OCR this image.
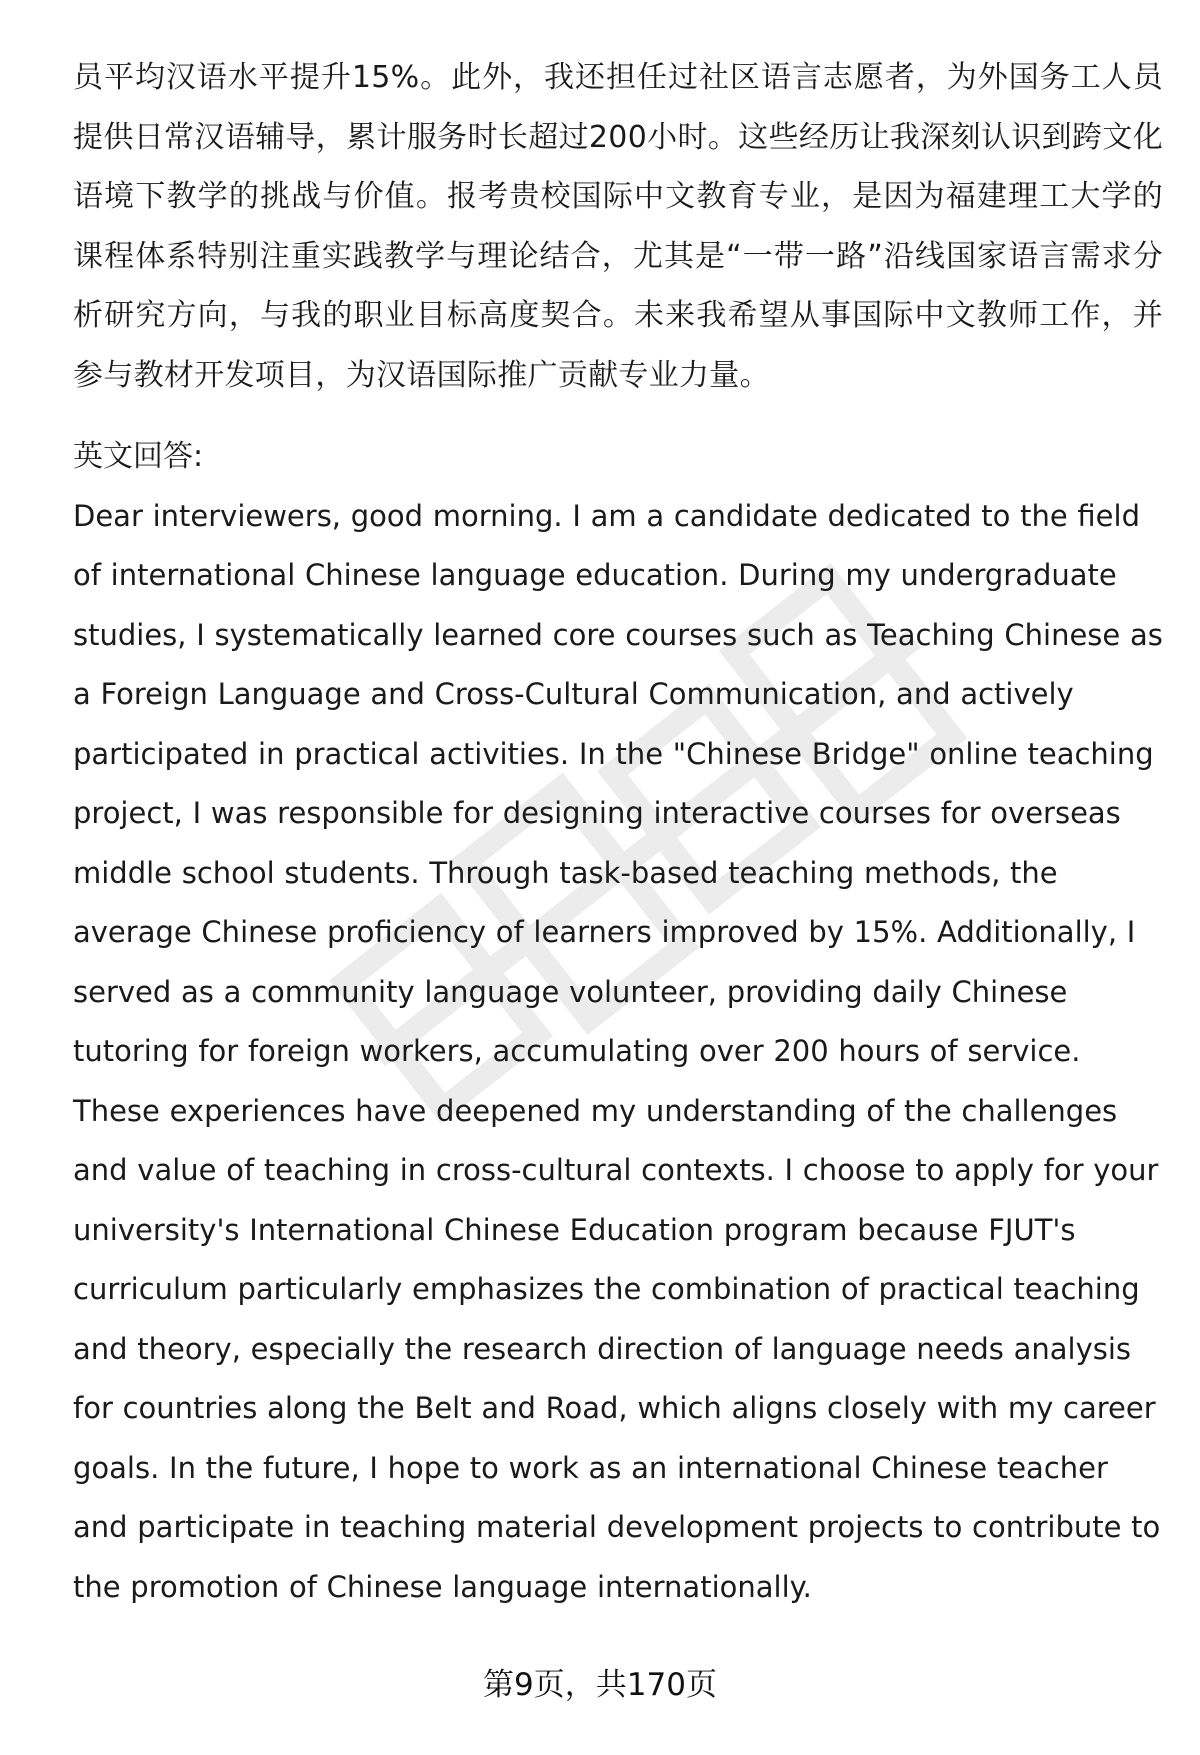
员平均汉语水平提升15%。此外，我还担任过社区语言志愿者，为外国务工人员提供日常汉语辅导，累计服务时长超过200小时。这些经历让我深刻认识到跨文化语境下教学的挑战与价值。报考贵校国际中文教育专业，是因为福建理工大学的课程体系特别注重实践教学与理论结合，尤其是“一带一路”沿线国家语言需求分析研究方向，与我的职业目标高度契合。未来我希望从事国际中文教师工作，并参与教材开发项目，为汉语国际推广贡献专业力量。

英文回答:

Dear interviewers, good morning. I am a candidate dedicated to the field of international Chinese language education. During my undergraduate studies, I systematically learned core courses such as Teaching Chinese as a Foreign Language and Cross-Cultural Communication, and actively participated in practical activities. In the "Chinese Bridge" online teaching project, I was responsible for designing interactive courses for overseas middle school students. Through task-based teaching methods, the average Chinese proficiency of learners improved by 15%. Additionally, I served as a community language volunteer, providing daily Chinese tutoring for foreign workers, accumulating over 200 hours of service. These experiences have deepened my understanding of the challenges and value of teaching in cross-cultural contexts. I choose to apply for your university's International Chinese Education program because FJUT's curriculum particularly emphasizes the combination of practical teaching and theory, especially the research direction of language needs analysis for countries along the Belt and Road, which aligns closely with my career goals. In the future, I hope to work as an international Chinese teacher and participate in teaching material development projects to contribute to the promotion of Chinese language internationally.

第9页，共170页
